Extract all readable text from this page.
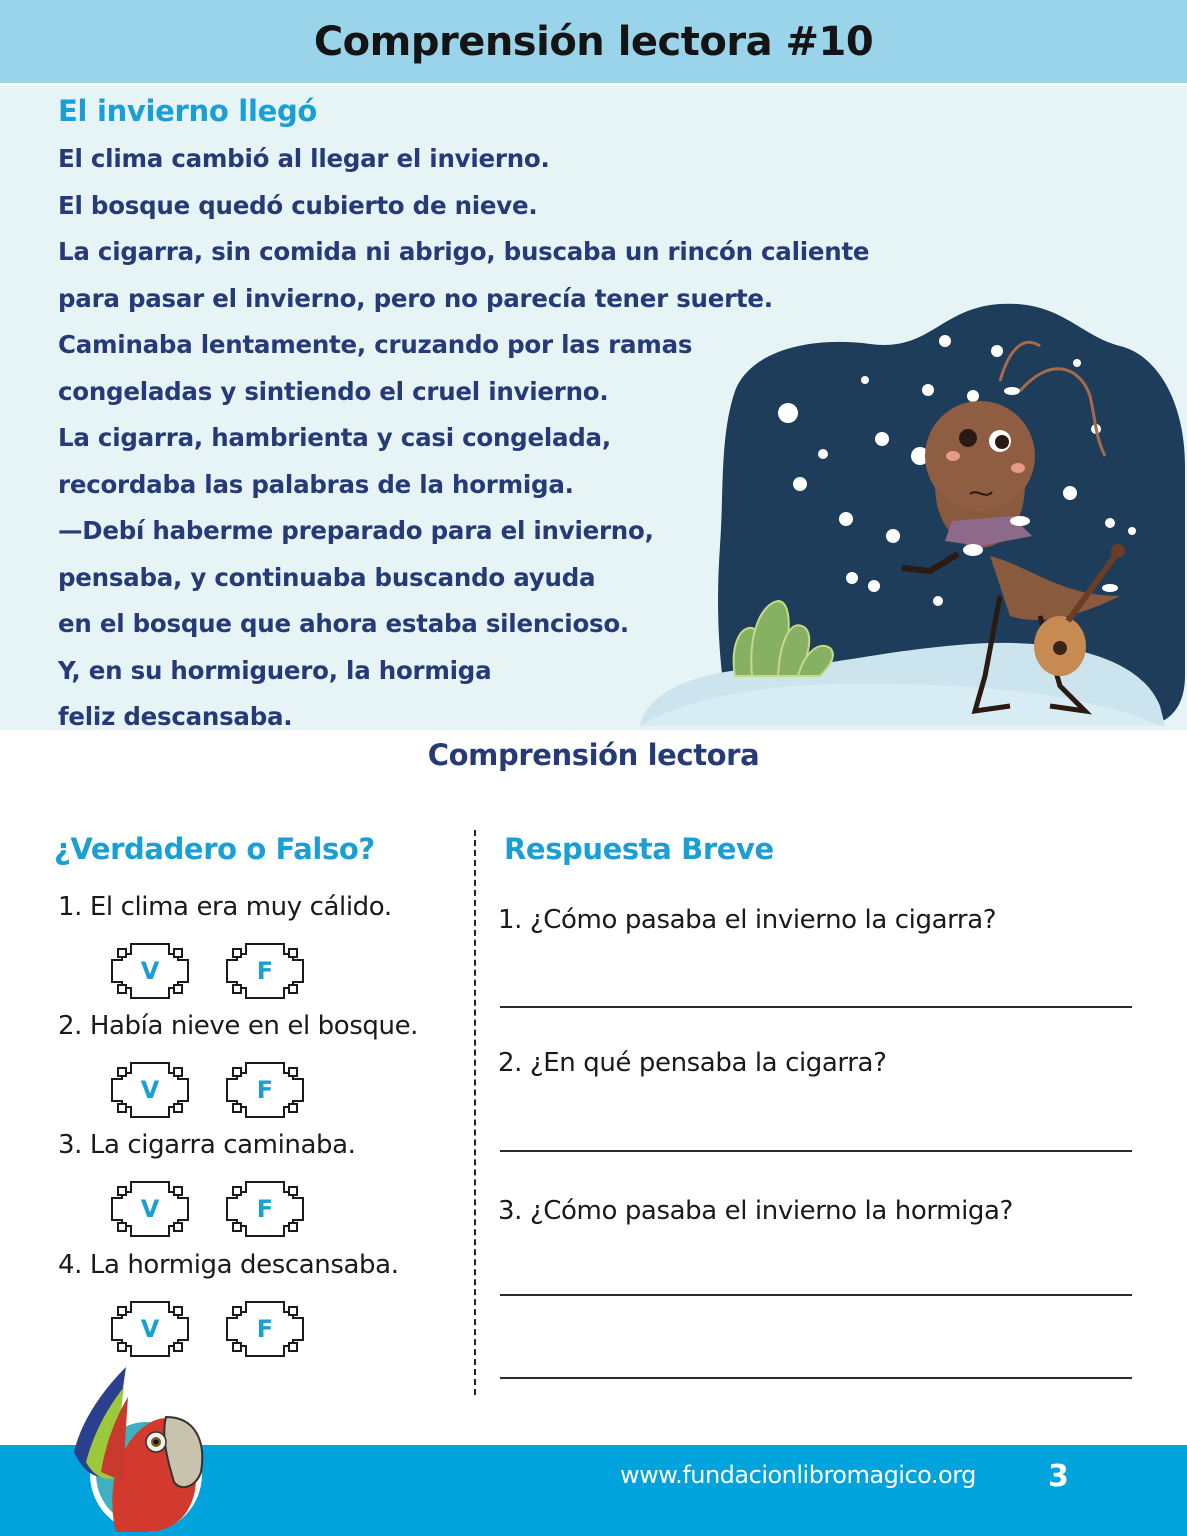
Comprensión lectora #10
El invierno llegó
El clima cambió al llegar el invierno.
El bosque quedó cubierto de nieve.
La cigarra, sin comida ni abrigo, buscaba un rincón caliente
para pasar el invierno, pero no parecía tener suerte.
Caminaba lentamente, cruzando por las ramas
congeladas y sintiendo el cruel invierno.
La cigarra, hambrienta y casi congelada,
recordaba las palabras de la hormiga.
—Debí haberme preparado para el invierno,
pensaba, y continuaba buscando ayuda
en el bosque que ahora estaba silencioso.
Y, en su hormiguero, la hormiga
feliz descansaba.
Comprensión lectora
¿Verdadero o Falso?	Respuesta Breve
1. El clima era muy cálido.
V	F
2. Había nieve en el bosque.
V	F
3. La cigarra caminaba.
V	F
4. La hormiga descansaba.
V	F
1. ¿Cómo pasaba el invierno la cigarra?
2. ¿En qué pensaba la cigarra?
3. ¿Cómo pasaba el invierno la hormiga?
www.fundacionlibromagico.org 3
